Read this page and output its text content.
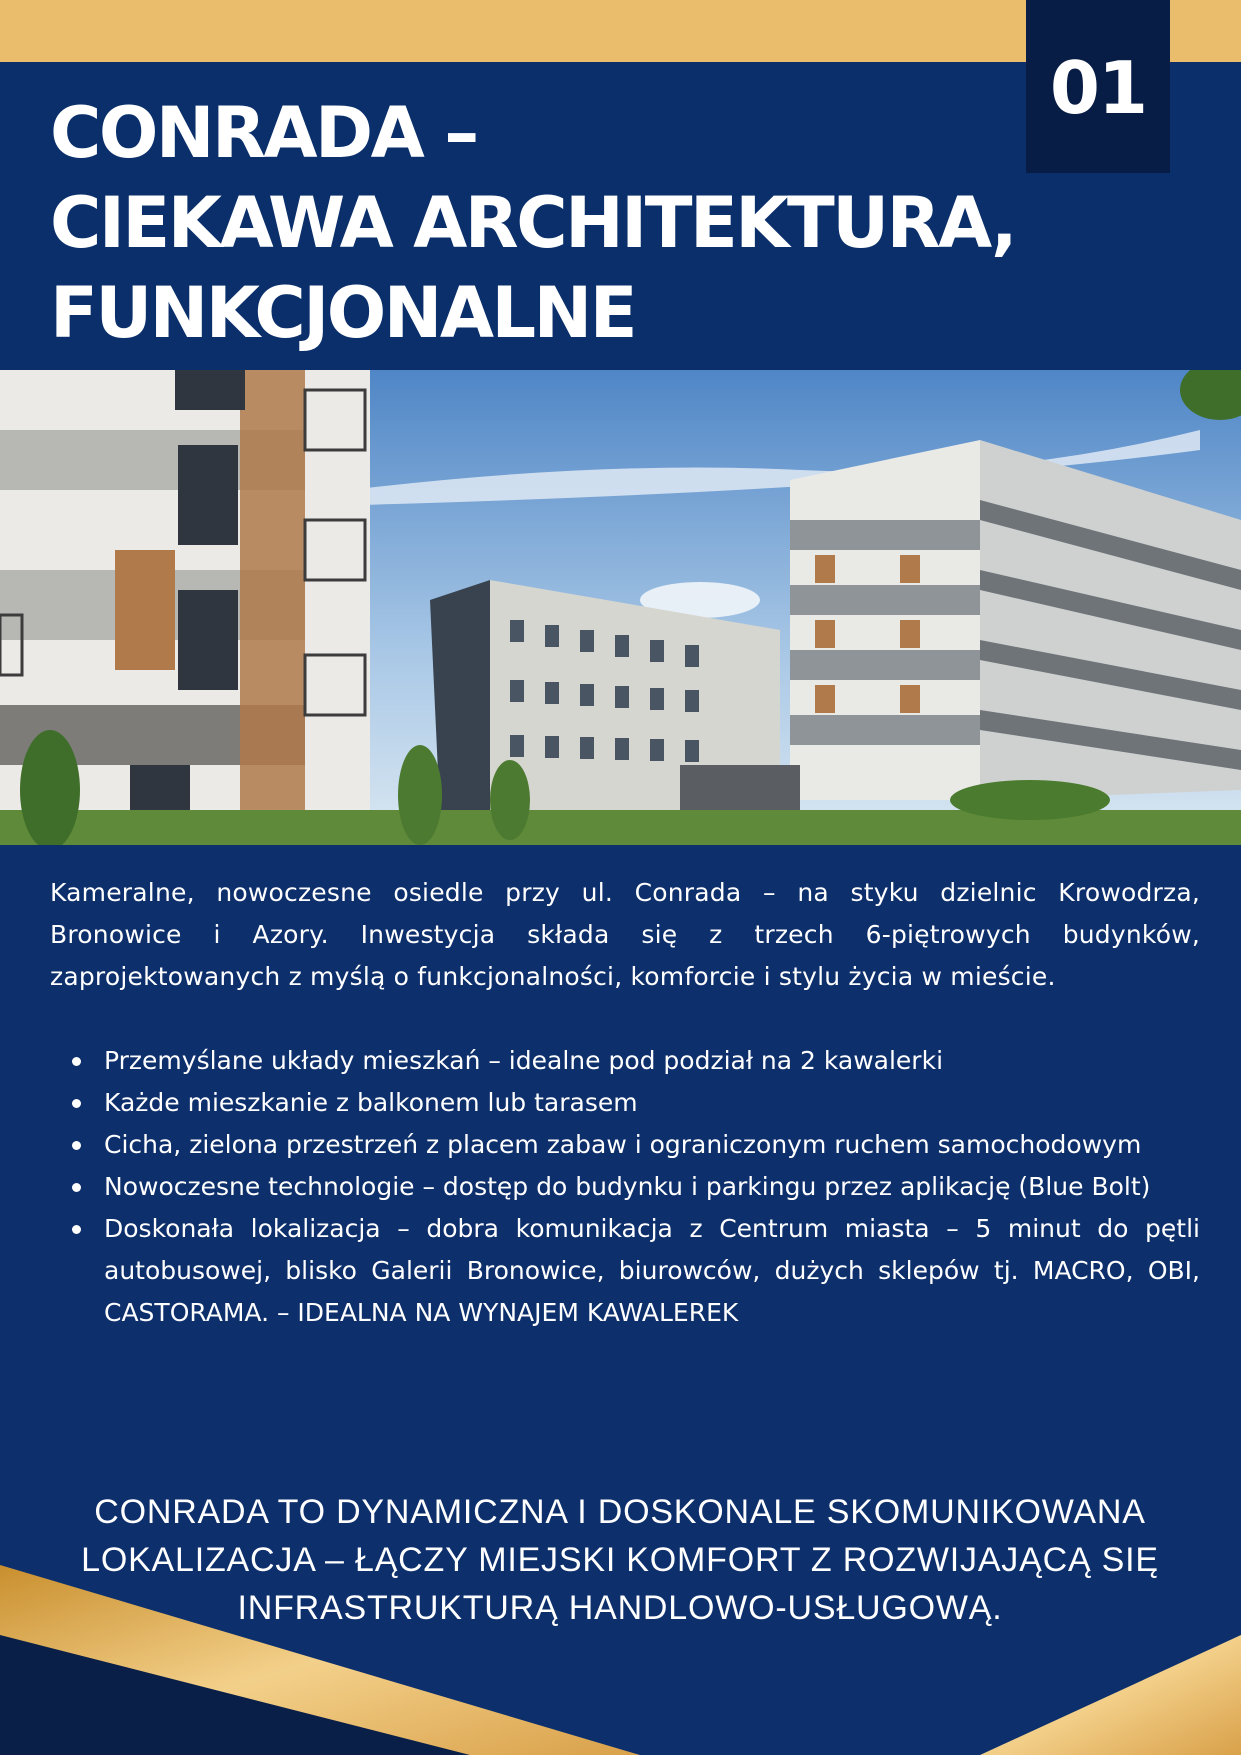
01
CONRADA –
CIEKAWA ARCHITEKTURA,
FUNKCJONALNE

Kameralne, nowoczesne osiedle przy ul. Conrada – na styku dzielnic Krowodrza, Bronowice i Azory. Inwestycja składa się z trzech 6-piętrowych budynków, zaprojektowanych z myślą o funkcjonalności, komforcie i stylu życia w mieście.

Przemyślane układy mieszkań – idealne pod podział na 2 kawalerki
Każde mieszkanie z balkonem lub tarasem
Cicha, zielona przestrzeń z placem zabaw i ograniczonym ruchem samochodowym
Nowoczesne technologie – dostęp do budynku i parkingu przez aplikację (Blue Bolt)
Doskonała lokalizacja – dobra komunikacja z Centrum miasta – 5 minut do pętli autobusowej, blisko Galerii Bronowice, biurowców, dużych sklepów tj. MACRO, OBI, CASTORAMA. – IDEALNA NA WYNAJEM KAWALEREK

CONRADA TO DYNAMICZNA I DOSKONALE SKOMUNIKOWANA
LOKALIZACJA – ŁĄCZY MIEJSKI KOMFORT Z ROZWIJAJĄCĄ SIĘ
INFRASTRUKTURĄ HANDLOWO-USŁUGOWĄ.
